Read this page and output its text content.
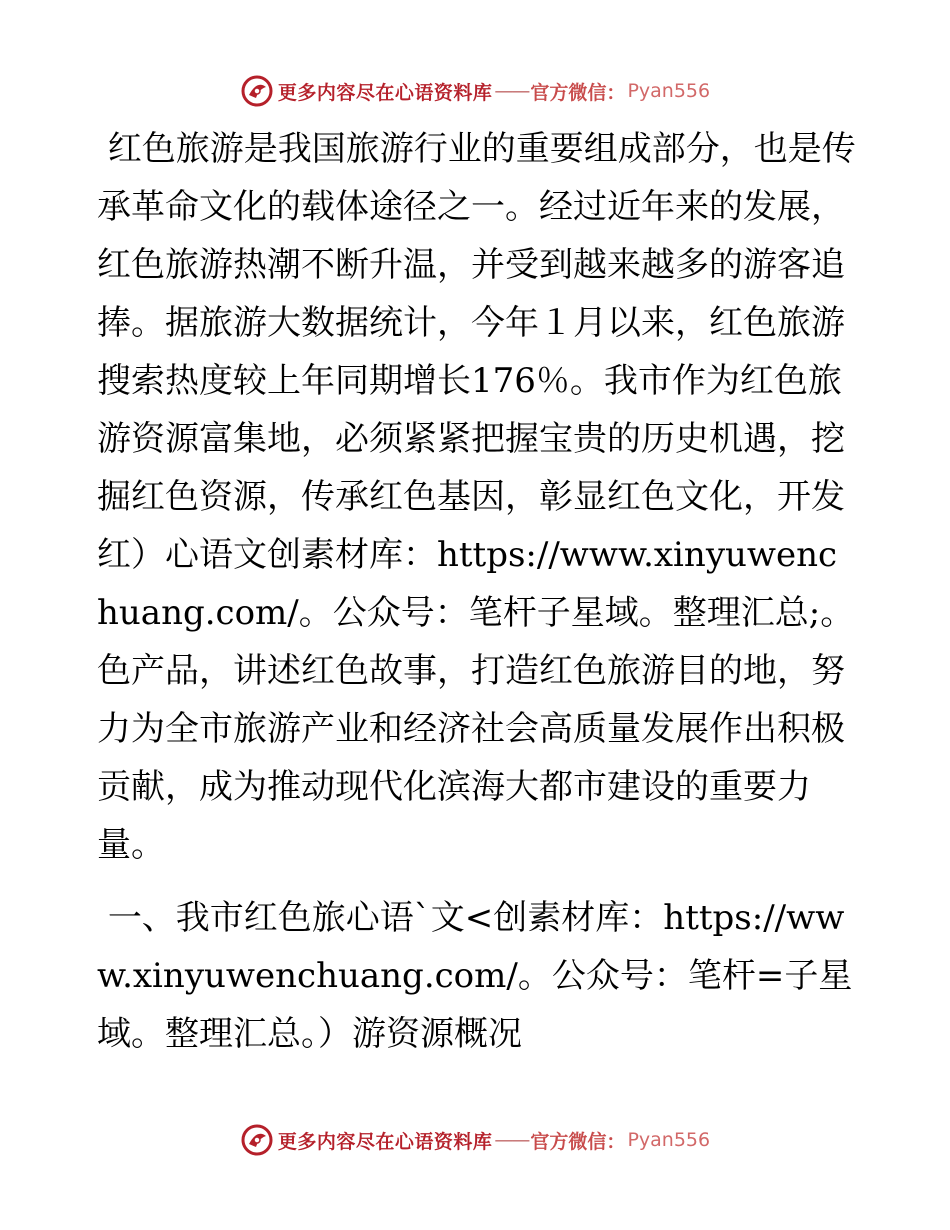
更多内容尽在心语资料库 —— 官方微信： Pyan556

红色旅游是我国旅游行业的重要组成部分，也是传承革命文化的载体途径之一。经过近年来的发展，红色旅游热潮不断升温，并受到越来越多的游客追捧。据旅游大数据统计，今年１月以来，红色旅游搜索热度较上年同期增长176％。我市作为红色旅游资源富集地，必须紧紧把握宝贵的历史机遇，挖掘红色资源，传承红色基因，彰显红色文化，开发红）心语文创素材库：https://www.xinyuwenchuang.com/。公众号：笔杆子星域。整理汇总;。色产品，讲述红色故事，打造红色旅游目的地，努力为全市旅游产业和经济社会高质量发展作出积极贡献，成为推动现代化滨海大都市建设的重要力量。

一、我市红色旅心语`文<创素材库：https://www.xinyuwenchuang.com/。公众号：笔杆=子星域。整理汇总。）游资源概况

更多内容尽在心语资料库 —— 官方微信： Pyan556
